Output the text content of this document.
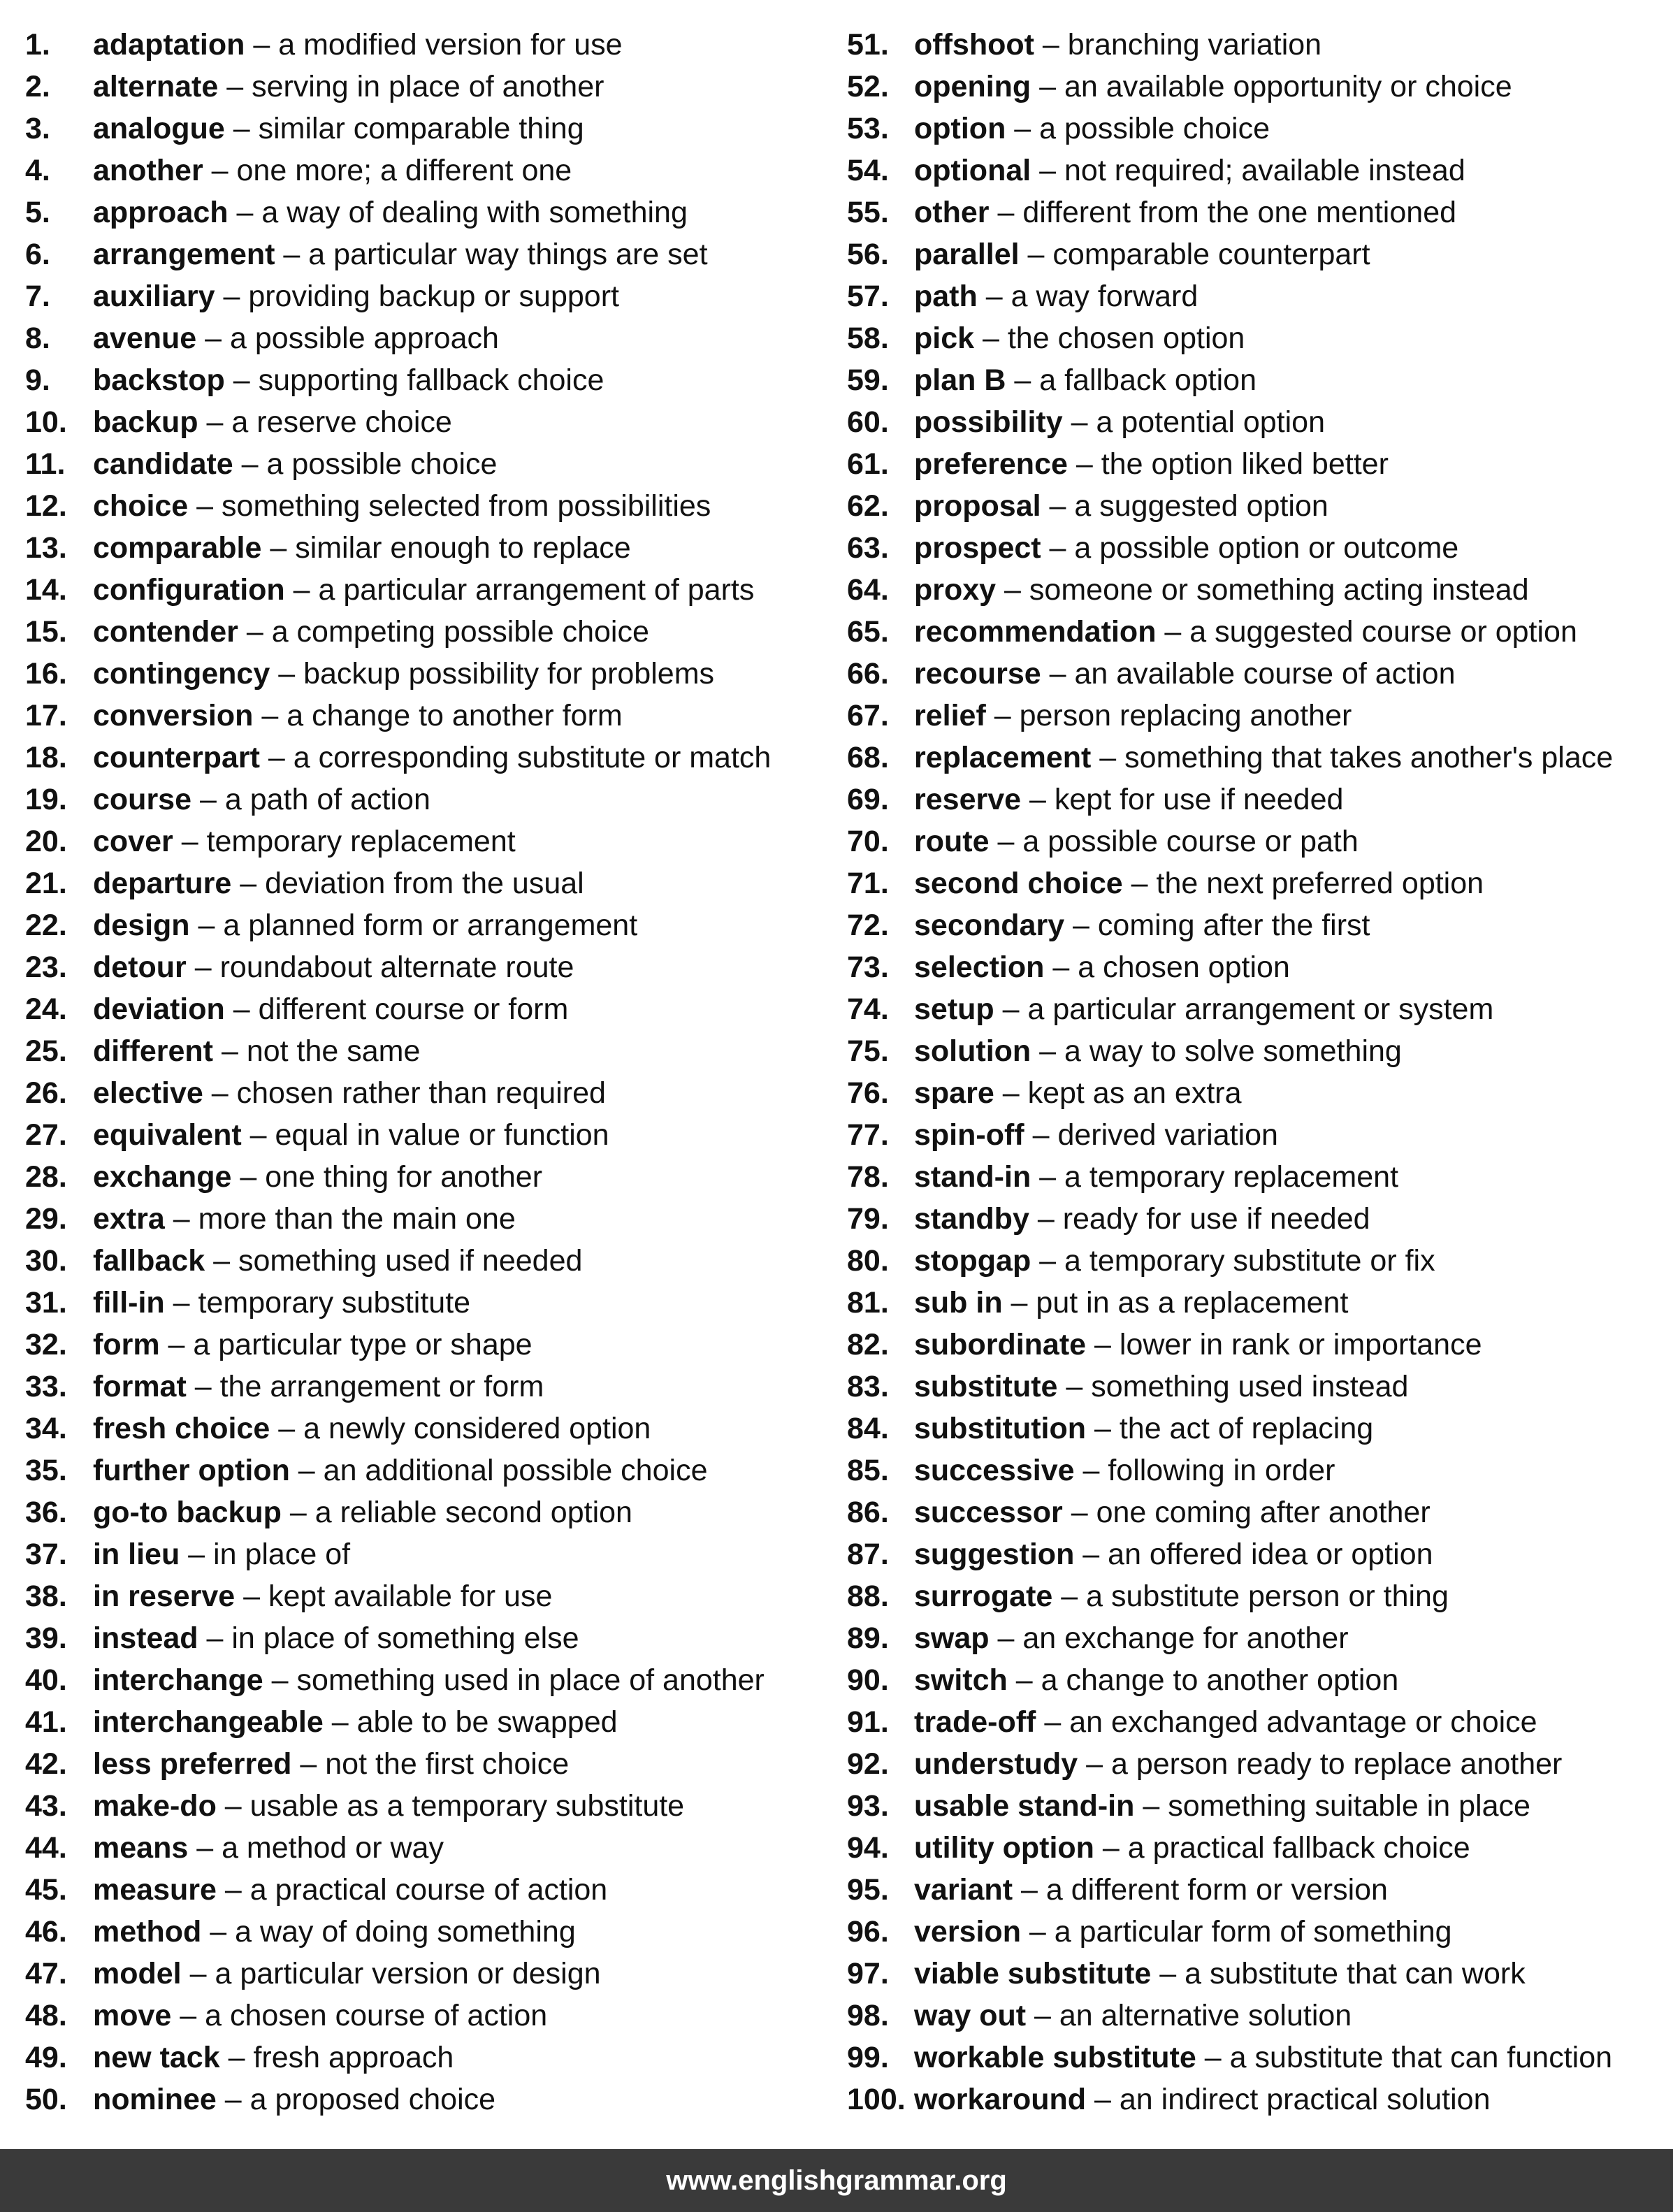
1. adaptation – a modified version for use
2. alternate – serving in place of another
3. analogue – similar comparable thing
4. another – one more; a different one
5. approach – a way of dealing with something
6. arrangement – a particular way things are set
7. auxiliary – providing backup or support
8. avenue – a possible approach
9. backstop – supporting fallback choice
10. backup – a reserve choice
11. candidate – a possible choice
12. choice – something selected from possibilities
13. comparable – similar enough to replace
14. configuration – a particular arrangement of parts
15. contender – a competing possible choice
16. contingency – backup possibility for problems
17. conversion – a change to another form
18. counterpart – a corresponding substitute or match
19. course – a path of action
20. cover – temporary replacement
21. departure – deviation from the usual
22. design – a planned form or arrangement
23. detour – roundabout alternate route
24. deviation – different course or form
25. different – not the same
26. elective – chosen rather than required
27. equivalent – equal in value or function
28. exchange – one thing for another
29. extra – more than the main one
30. fallback – something used if needed
31. fill-in – temporary substitute
32. form – a particular type or shape
33. format – the arrangement or form
34. fresh choice – a newly considered option
35. further option – an additional possible choice
36. go-to backup – a reliable second option
37. in lieu – in place of
38. in reserve – kept available for use
39. instead – in place of something else
40. interchange – something used in place of another
41. interchangeable – able to be swapped
42. less preferred – not the first choice
43. make-do – usable as a temporary substitute
44. means – a method or way
45. measure – a practical course of action
46. method – a way of doing something
47. model – a particular version or design
48. move – a chosen course of action
49. new tack – fresh approach
50. nominee – a proposed choice
51. offshoot – branching variation
52. opening – an available opportunity or choice
53. option – a possible choice
54. optional – not required; available instead
55. other – different from the one mentioned
56. parallel – comparable counterpart
57. path – a way forward
58. pick – the chosen option
59. plan B – a fallback option
60. possibility – a potential option
61. preference – the option liked better
62. proposal – a suggested option
63. prospect – a possible option or outcome
64. proxy – someone or something acting instead
65. recommendation – a suggested course or option
66. recourse – an available course of action
67. relief – person replacing another
68. replacement – something that takes another's place
69. reserve – kept for use if needed
70. route – a possible course or path
71. second choice – the next preferred option
72. secondary – coming after the first
73. selection – a chosen option
74. setup – a particular arrangement or system
75. solution – a way to solve something
76. spare – kept as an extra
77. spin-off – derived variation
78. stand-in – a temporary replacement
79. standby – ready for use if needed
80. stopgap – a temporary substitute or fix
81. sub in – put in as a replacement
82. subordinate – lower in rank or importance
83. substitute – something used instead
84. substitution – the act of replacing
85. successive – following in order
86. successor – one coming after another
87. suggestion – an offered idea or option
88. surrogate – a substitute person or thing
89. swap – an exchange for another
90. switch – a change to another option
91. trade-off – an exchanged advantage or choice
92. understudy – a person ready to replace another
93. usable stand-in – something suitable in place
94. utility option – a practical fallback choice
95. variant – a different form or version
96. version – a particular form of something
97. viable substitute – a substitute that can work
98. way out – an alternative solution
99. workable substitute – a substitute that can function
100. workaround – an indirect practical solution
www.englishgrammar.org
